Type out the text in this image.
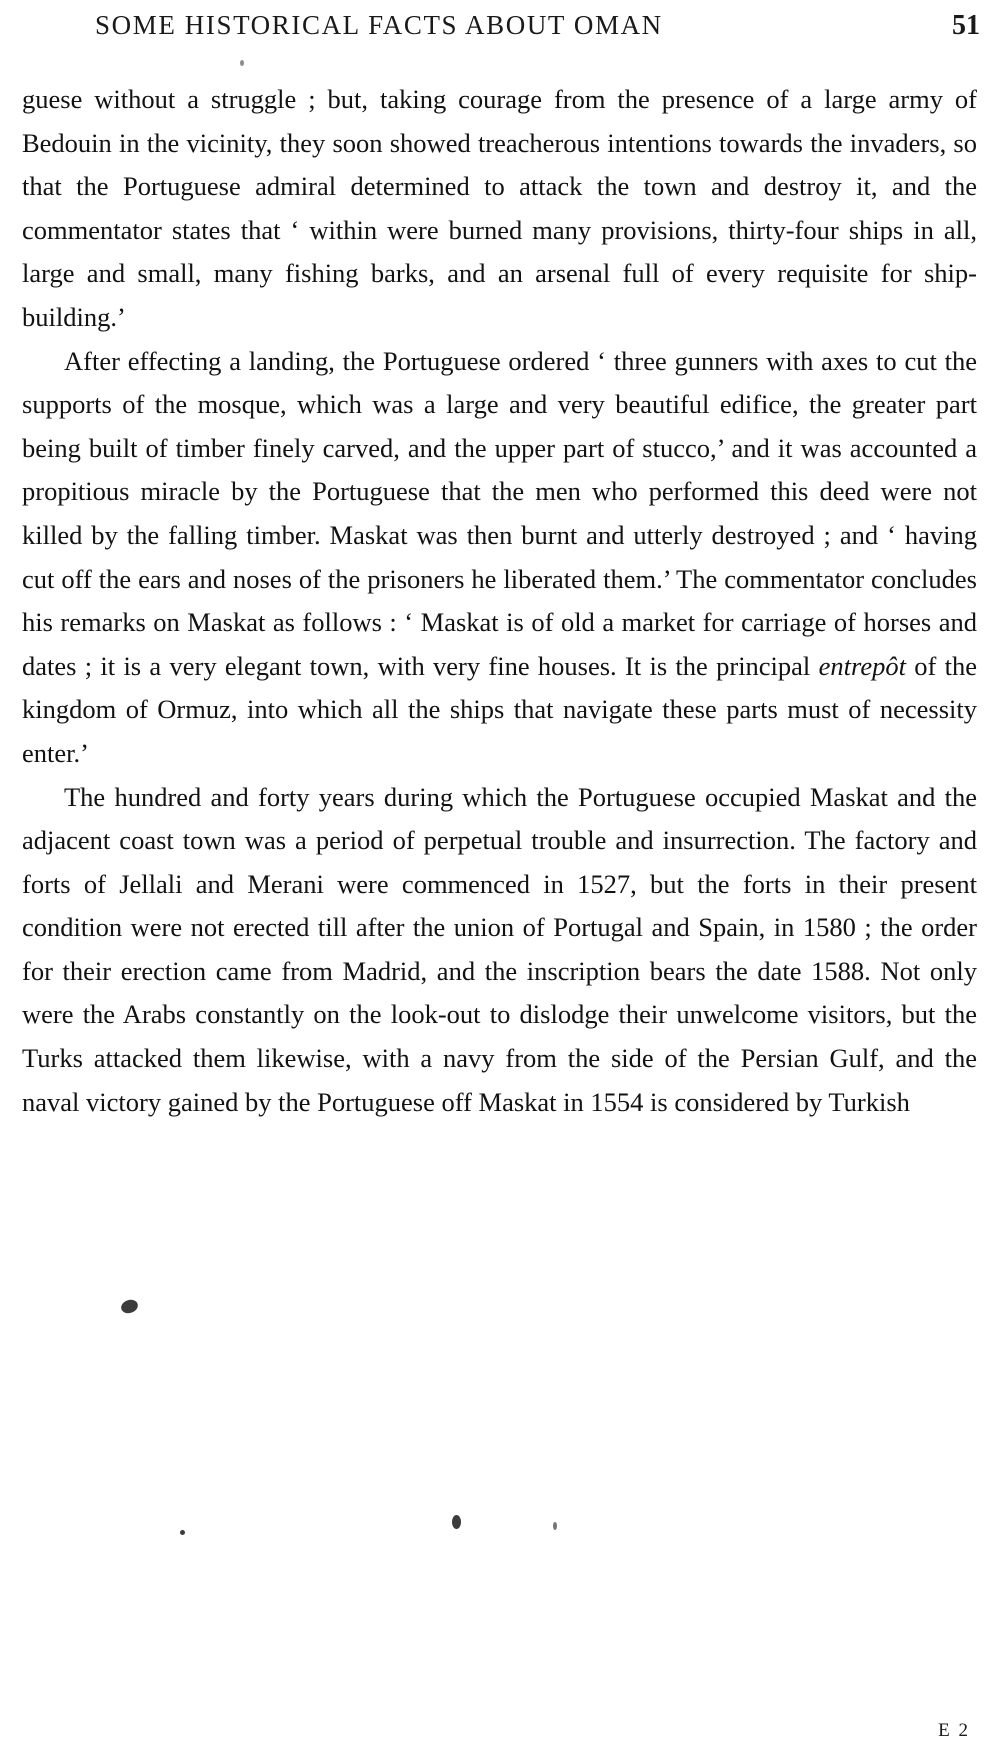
SOME HISTORICAL FACTS ABOUT OMAN	51

guese without a struggle ; but, taking courage from the presence of a large army of Bedouin in the vicinity, they soon showed treacherous intentions towards the invaders, so that the Portuguese admiral determined to attack the town and destroy it, and the commentator states that ‘ within were burned many provisions, thirty-four ships in all, large and small, many fishing barks, and an arsenal full of every requisite for ship-building.’

After effecting a landing, the Portuguese ordered ‘ three gunners with axes to cut the supports of the mosque, which was a large and very beautiful edifice, the greater part being built of timber finely carved, and the upper part of stucco,’ and it was accounted a propitious miracle by the Portuguese that the men who performed this deed were not killed by the falling timber. Maskat was then burnt and utterly destroyed ; and ‘ having cut off the ears and noses of the prisoners he liberated them.’ The commentator concludes his remarks on Maskat as follows : ‘ Maskat is of old a market for carriage of horses and dates ; it is a very elegant town, with very fine houses. It is the principal entrepôt of the kingdom of Ormuz, into which all the ships that navigate these parts must of necessity enter.’

The hundred and forty years during which the Portuguese occupied Maskat and the adjacent coast town was a period of perpetual trouble and insurrection. The factory and forts of Jellali and Merani were commenced in 1527, but the forts in their present condition were not erected till after the union of Portugal and Spain, in 1580 ; the order for their erection came from Madrid, and the inscription bears the date 1588. Not only were the Arabs constantly on the look-out to dislodge their unwelcome visitors, but the Turks attacked them likewise, with a navy from the side of the Persian Gulf, and the naval victory gained by the Portuguese off Maskat in 1554 is considered by Turkish

E 2
